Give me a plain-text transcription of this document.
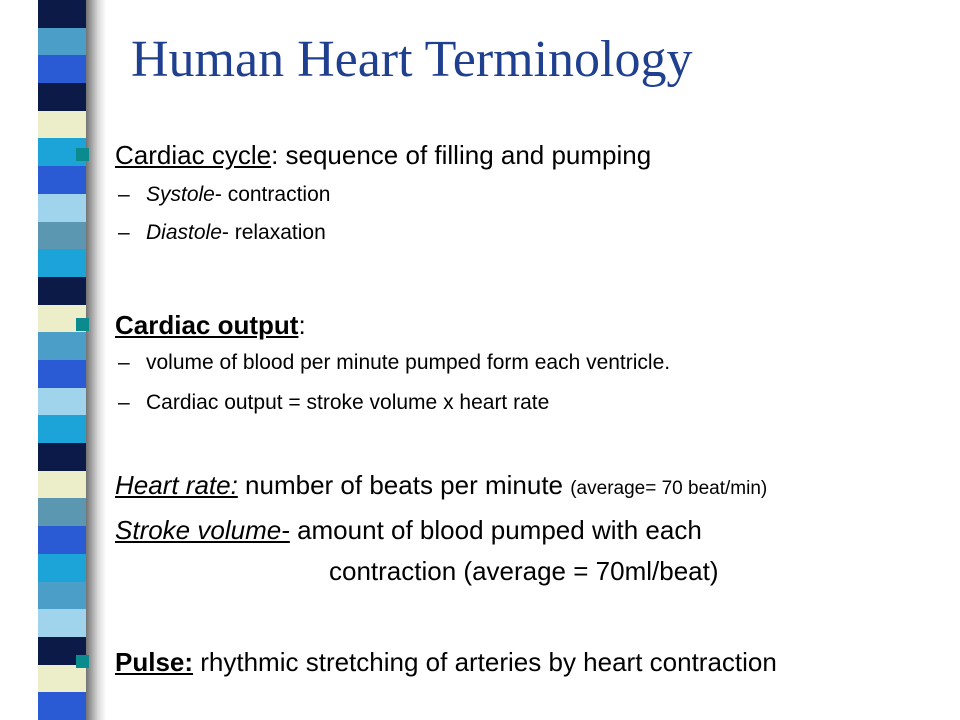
Human Heart Terminology
Cardiac cycle: sequence of filling and pumping
– Systole- contraction
– Diastole- relaxation
Cardiac output:
– volume of blood per minute pumped form each ventricle.
– Cardiac output = stroke volume x heart rate
Heart rate: number of beats per minute (average= 70 beat/min)
Stroke volume- amount of blood pumped with each
contraction (average = 70ml/beat)
Pulse: rhythmic stretching of arteries by heart contraction
